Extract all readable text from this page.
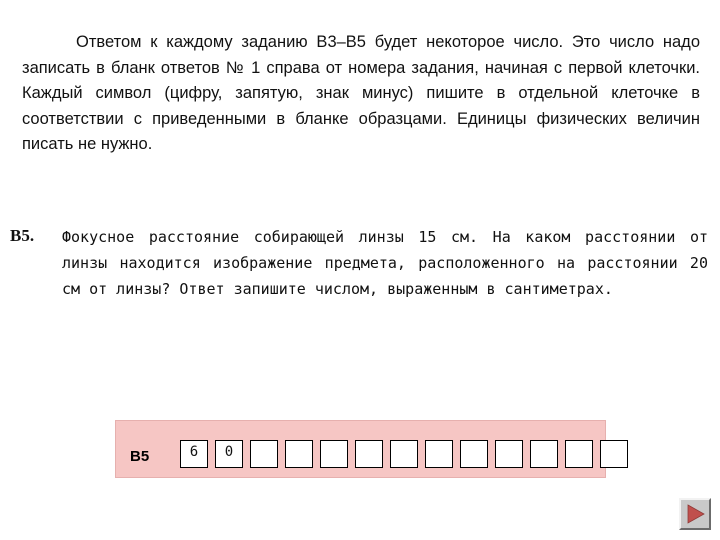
Ответом к каждому заданию В3–В5 будет некоторое число. Это число надо записать в бланк ответов № 1 справа от номера задания, начиная с первой клеточки. Каждый символ (цифру, запятую, знак минус) пишите в отдельной клеточке в соответствии с приведенными в бланке образцами. Единицы физических величин писать не нужно.

В5. Фокусное расстояние собирающей линзы 15 см. На каком расстоянии от линзы находится изображение предмета, расположенного на расстоянии 20 см от линзы? Ответ запишите числом, выраженным в сантиметрах.

В5	6	0
